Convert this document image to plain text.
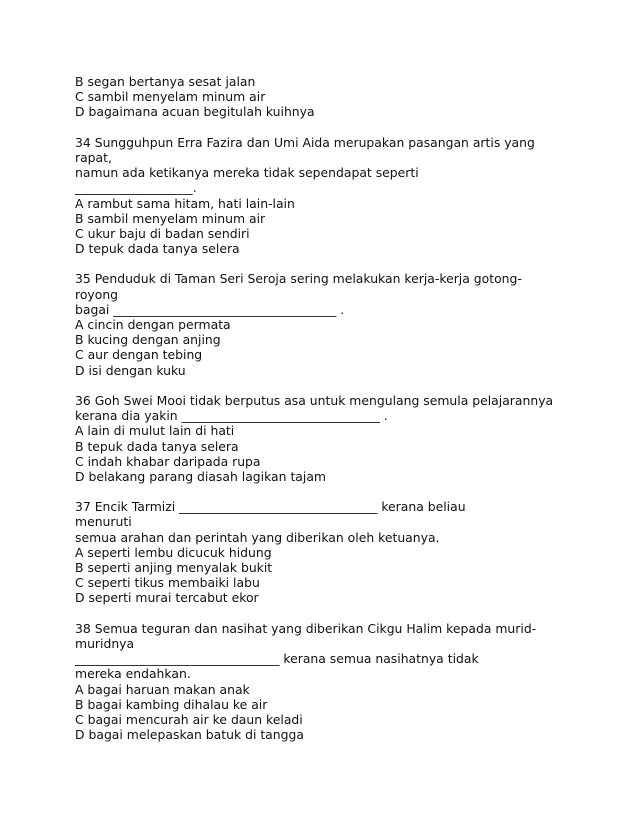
B segan bertanya sesat jalan
C sambil menyelam minum air
D bagaimana acuan begitulah kuihnya
34 Sungguhpun Erra Fazira dan Umi Aida merupakan pasangan artis yang
rapat,
namun ada ketikanya mereka tidak sependapat seperti
___________________.
A rambut sama hitam, hati lain-lain
B sambil menyelam minum air
C ukur baju di badan sendiri
D tepuk dada tanya selera
35 Penduduk di Taman Seri Seroja sering melakukan kerja-kerja gotong-
royong
bagai ____________________________________ .
A cincin dengan permata
B kucing dengan anjing
C aur dengan tebing
D isi dengan kuku
36 Goh Swei Mooi tidak berputus asa untuk mengulang semula pelajarannya
kerana dia yakin ________________________________ .
A lain di mulut lain di hati
B tepuk dada tanya selera
C indah khabar daripada rupa
D belakang parang diasah lagikan tajam
37 Encik Tarmizi ________________________________ kerana beliau
menuruti
semua arahan dan perintah yang diberikan oleh ketuanya.
A seperti lembu dicucuk hidung
B seperti anjing menyalak bukit
C seperti tikus membaiki labu
D seperti murai tercabut ekor
38 Semua teguran dan nasihat yang diberikan Cikgu Halim kepada murid-
muridnya
_________________________________ kerana semua nasihatnya tidak
mereka endahkan.
A bagai haruan makan anak
B bagai kambing dihalau ke air
C bagai mencurah air ke daun keladi
D bagai melepaskan batuk di tangga
